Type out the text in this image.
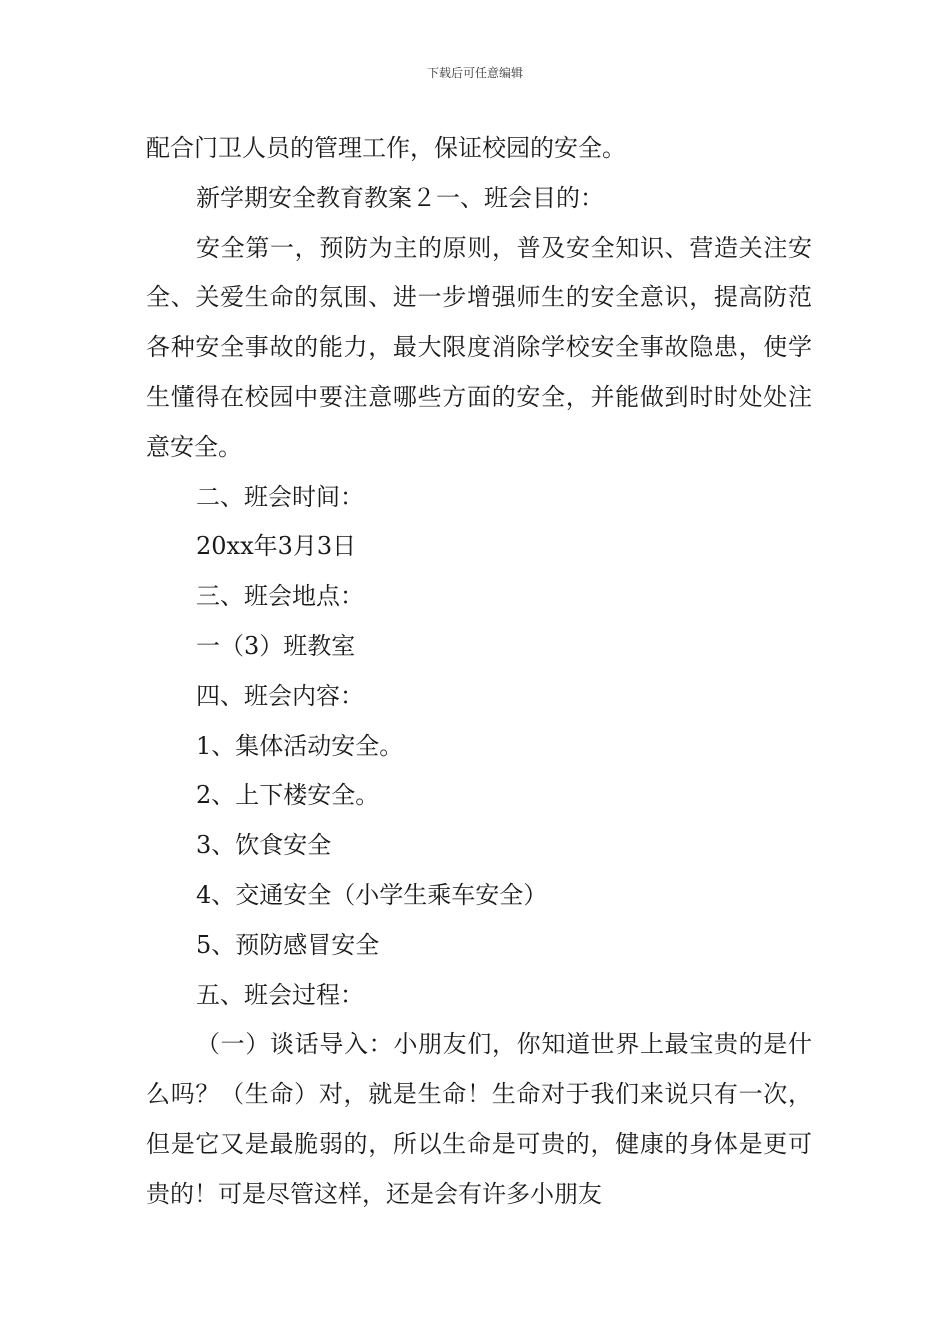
下载后可任意编辑

配合门卫人员的管理工作，保证校园的安全。

新学期安全教育教案２一、班会目的：

安全第一，预防为主的原则，普及安全知识、营造关注安全、关爱生命的氛围、进一步增强师生的安全意识，提高防范各种安全事故的能力，最大限度消除学校安全事故隐患，使学生懂得在校园中要注意哪些方面的安全，并能做到时时处处注意安全。

二、班会时间：

20xx年3月3日

三、班会地点：

一（3）班教室

四、班会内容：

1、集体活动安全。

2、上下楼安全。

3、饮食安全

4、交通安全（小学生乘车安全）

5、预防感冒安全

五、班会过程：

（一）谈话导入：小朋友们，你知道世界上最宝贵的是什么吗？（生命）对，就是生命！生命对于我们来说只有一次，但是它又是最脆弱的，所以生命是可贵的，健康的身体是更可贵的！可是尽管这样，还是会有许多小朋友
